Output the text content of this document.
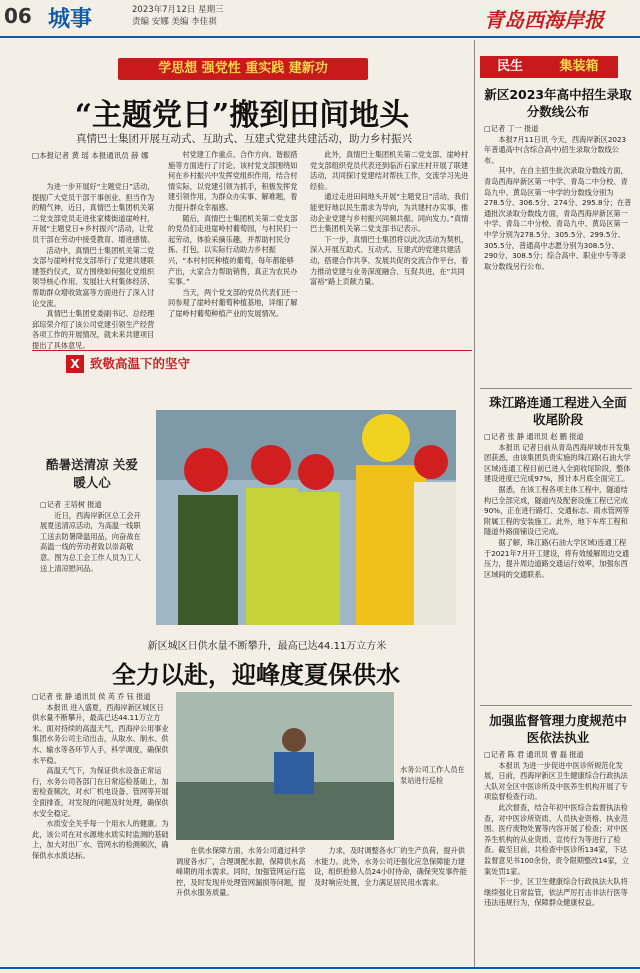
06 城事	2023年7月12日 星期三
责编 安娜 美编 李佳祺	青岛西海岸报
学思想 强党性 重实践 建新功
“主题党日”搬到田间地头
真情巴士集团开展互动式、互助式、互建式党建共建活动，助力乡村振兴
□本报记者 黄 瑶 本报通讯员 薛 娜

为进一步开展好“主题党日”活动，提振广大党员干部干事创业、担当作为的精气神，近日，真情巴士集团机关第二党支部党员走进张家楼街道崖岭村，开展“主题党日+乡村振兴”活动，让党员干部在劳动中接受教育、增进感情。

活动中，真情巴士集团机关第二党支部与崖岭村党支部举行了党建共建联建签约仪式，双方围绕如何强化党组织领导核心作用、发展壮大村集体经济、帮助群众增收致富等方面进行了深入讨论交流。

真情巴士集团党委副书记、总经理邱琮荣介绍了该公司党建引领生产经营各项工作的开展情况，就未来共建项目提出了具体意见。

村党建工作重点、合作方向、谐振措施等方面进行了讨论。该村党支部围绕如何在乡村振兴中发挥党组织作用，结合村情实际，以党建引领为抓手，积极发挥党建引领作用，为群众办实事、解难题，着力提升群众幸福感。

随后，真情巴士集团机关第二党支部的党员们走进崖岭村葡萄园，与村民们一起劳动，体验采摘乐趣，并帮助村民分拣、打包，以实际行动助力乡村振兴，“本村村民种植的葡萄，每年都能够产出，大家合力帮助销售，真正为农民办实事。”

当天，两个党支部的党员代表们还一同参观了崖岭村葡萄种植基地，详细了解了崖岭村葡萄种植产业的发展情况。

此外，真情巴士集团机关第二党支部、崖岭村党支部组织党员代表还到临沂石家庄村开展了联建活动，共同探讨党建结对帮扶工作，交流学习先进经验。

通过走进田间地头开展“主题党日”活动，我们能更好地以民生需求为导向，为共建村办实事，推动企业党建与乡村振兴同频共振、同向发力。”真情巴士集团机关第二党支部书记表示。

下一步，真情巴士集团将以此次活动为契机，深入开展互助式、互动式、互建式的党建共建活动，搭建合作共享、发展共促的交流合作平台，着力推动党建与业务深度融合、互促共进，在“共同富裕”路上贡献力量。

民生	集装箱
新区2023年高中招生录取分数线公布
□记者 丁一 报道

本报7月11日讯 今天，西海岸新区2023年普通高中(含综合高中)招生录取分数线公布。

其中，在自主招生批次录取分数线方面，青岛西海岸新区第一中学、青岛二中分校、青岛九中、黄岛区第一中学的分数线分别为278.5分、306.5分、274分、295.8分；在普通批次录取分数线方面，青岛西海岸新区第一中学、青岛二中分校、青岛九中、黄岛区第一中学分别为278.5分、305.5分、299.5分、305.5分，普通高中志愿分别为308.5分、290分、308.5分；综合高中、职业中专等录取分数线另行公布。

珠江路连通工程进入全面收尾阶段
□记者 张 静 通讯员 赵 鹏 报道

本报讯 记者日前从青岛西海岸城市开发集团获悉，由该集团负责实施的珠江路(石油大学区域)连通工程目前已进入全面收尾阶段，整体建设进度已完成97%，预计本月底全面完工。

据悉，在该工程各项主体工程中，隧道结构已全部完成，隧道内及配套设施工程已完成90%，正在进行路灯、交通标志、雨水管网等附属工程的安装施工。此外，地下车库工程和隧道外路面铺设已完成。

据了解，珠江路(石油大学区域)连通工程于2021年7月开工建设，将有效缓解周边交通压力，提升周边道路交通运行效率，加强东西区域间的交通联系。

加强监督管理力度规范中医依法执业
□记者 陈 君 通讯员 曹 磊 报道

本报讯 为进一步促进中医诊所规范化发展，日前，西海岸新区卫生健康综合行政执法大队对全区中医诊所及中医养生机构开展了专项监督检查行动。

此次督查，结合年初中医综合监督执法检查，对中医诊所资质、人员执业资格、执业范围、医疗废物处置等内容开展了检查；对中医养生机构的从业资质、宣传行为等进行了检查。截至目前，共检查中医诊所134家，下达监督意见书100余份，责令限期整改14家，立案处罚1家。

下一步，区卫生健康综合行政执法大队将继续强化日常监管，依法严厉打击非法行医等违法违规行为，保障群众健康权益。

X 致敬高温下的坚守
酷暑送清凉 关爱暖人心
□记者 王培树 报道

近日，西海岸新区总工会开展夏送清凉活动，为高温一线职工送去防暑降温用品，向奋战在高温一线的劳动者致以崇高敬意。图为总工会工作人员为工人送上清凉慰问品。

新区城区日供水量不断攀升，最高已达44.11万立方米
全力以赴，迎峰度夏保供水
□记者 张 静 通讯员 侯 英 乔 钰 报道

本报讯 进入盛夏，西海岸新区城区日供水量不断攀升，最高已达44.11万立方米。面对持续的高温天气，西海岸公用事业集团水务公司主动出击，从取水、制水、供水、输水等各环节入手，科学调度，确保供水平稳。

高温天气下，为保证供水设备正常运行，水务公司各部门在日常巡检基础上，加密检查频次，对水厂机电设备、管网等开展全面排查，对发现的问题及时处理，确保供水安全稳定。

水质安全关乎每一个用水人的健康。为此，该公司在对水源地水质实时监测的基础上，加大对出厂水、管网水的检测频次，确保供水水质达标。

水务公司工作人员在泵站进行巡检

在供水保障方面，水务公司通过科学调度各水厂，合理调配水源，保障供水高峰期的用水需求。同时，加强管网运行监控，及时发现并处理管网漏损等问题，提升供水服务质量。

力求，及时调整各水厂的生产负荷，提升供水能力。此外，水务公司还强化应急保障能力建设，组织抢修人员24小时待命，确保突发事件能及时响应处置，全力满足居民用水需求。
